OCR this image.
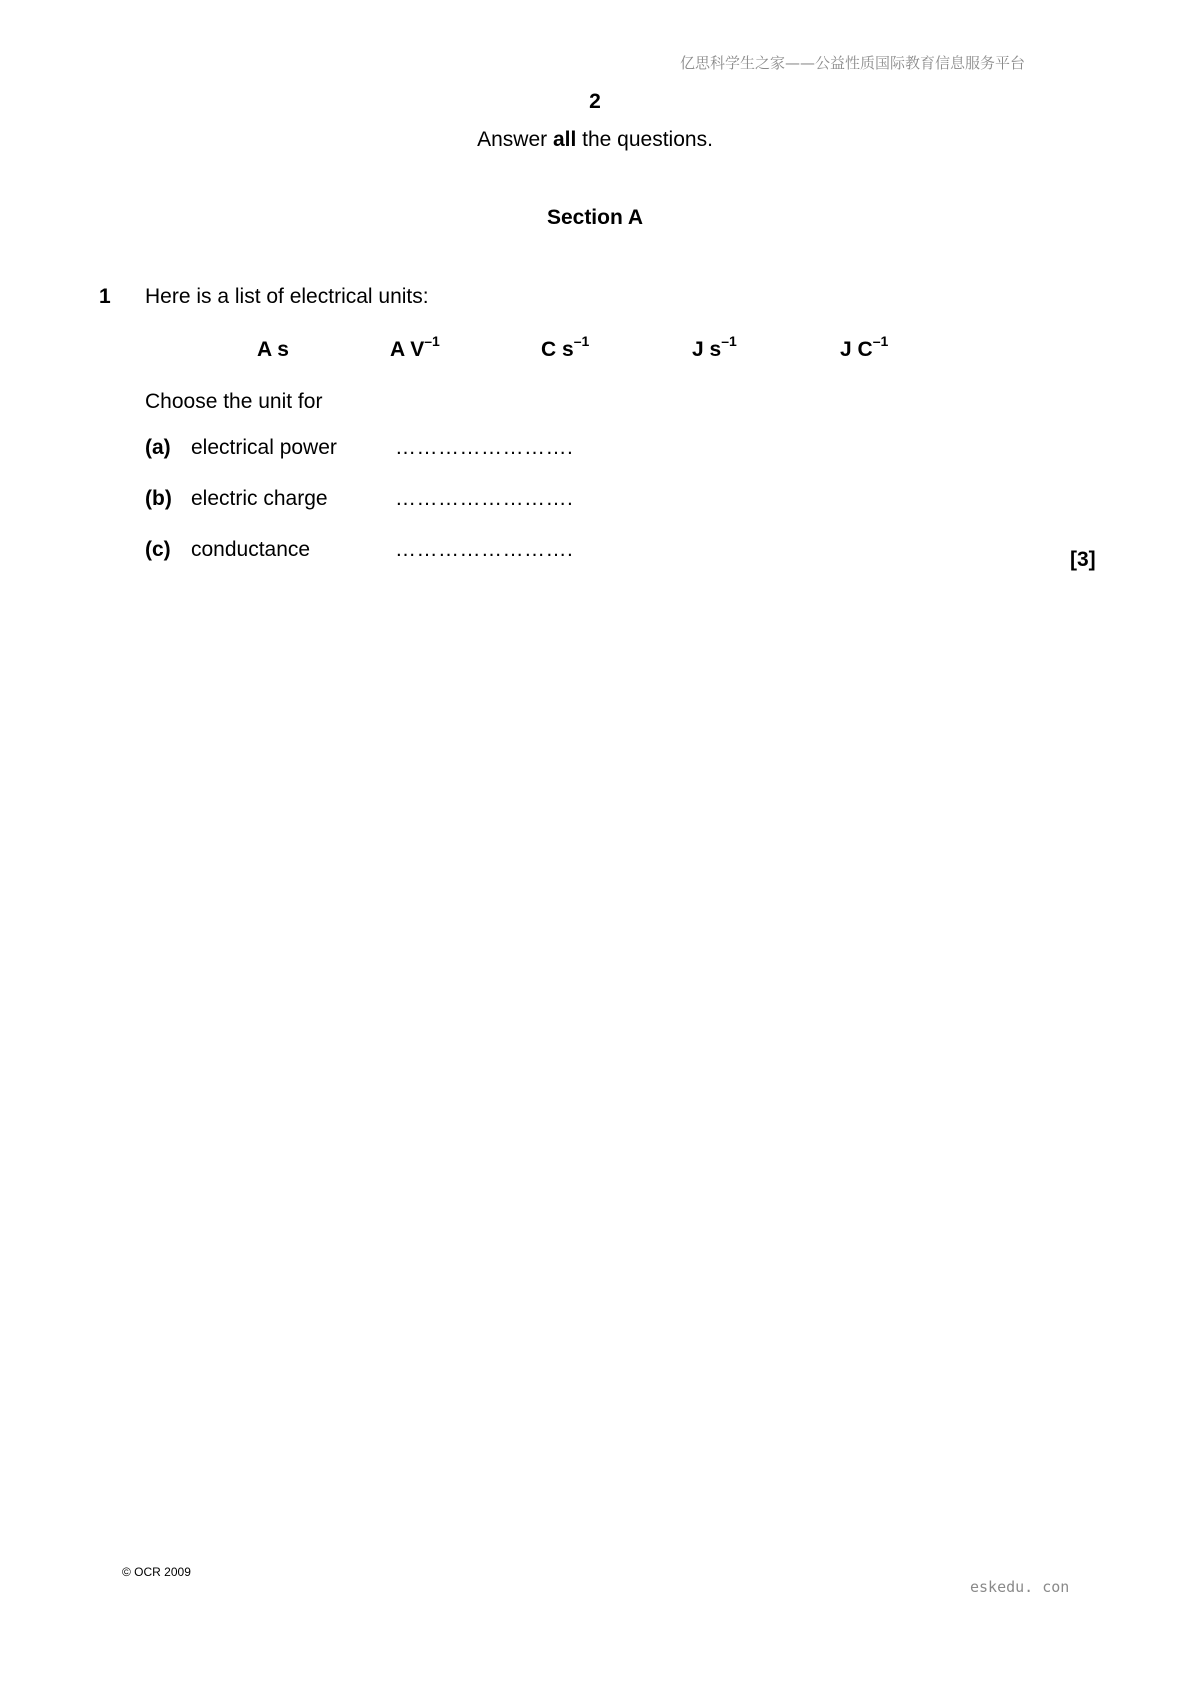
亿思科学生之家——公益性质国际教育信息服务平台
2
Answer all the questions.
Section A
1 Here is a list of electrical units:
A s	A $V^{-1}$	C $s^{-1}$	J $s^{-1}$	J $C^{-1}$
Choose the unit for
(a) electrical power	…………………….
(b) electric charge	…………………….
(c) conductance	…………………….	[3]
© OCR 2009
eskedu. con
